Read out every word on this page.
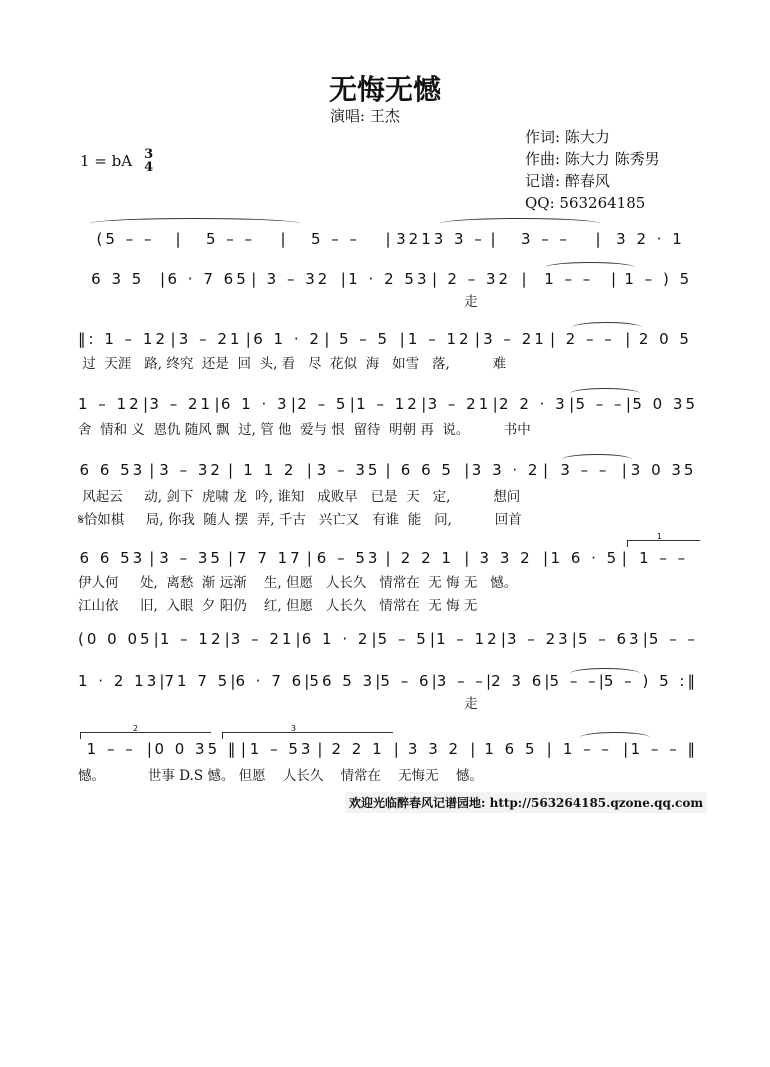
无悔无憾
演唱: 王杰
1 = bA 3
4
作词: 陈大力
作曲: 陈大力 陈秀男
记谱: 醉春风
QQ: 563264185
(5 – –	|	5 – –	|	5 – –	| 3213 3 – |	3 – –	|	3 2 · 1
6 3 5	| 6 · 7 65 | 3 – 32 | 1 · 2 53 | 2 – 32 |	1 – –	| 1 – ) 5
走
‖: 1 – 12 | 3 – 21 | 6 1 · 2 | 5 – 5 | 1 – 12 | 3 – 21 | 2 – – | 2 0 5
过  天涯   路, 终究  还是  回  头, 看   尽  花似  海   如雪   落,          难
1 – 12 | 3 – 21 | 6 1 · 3 | 2 – 5 | 1 – 12 | 3 – 21 | 2 2 · 3 | 5 – – | 5 0 35
舍  情和 义  恩仇 随风 飘  过, 管 他  爱与 恨  留待  明朝 再  说。        书中
6 6 53 | 3 – 32 | 1 1 2 | 3 – 35 | 6 6 5 | 3 3 · 2 | 3 – – | 3 0 35
风起云     动, 剑下  虎啸 龙  吟, 谁知   成败早   已是  天   定,          想问
𝄋恰如棋     局, 你我  随人 摆  弄, 千古   兴亡又   有谁  能   问,          回首
6 6 53 | 3 – 35 | 7 7 17 | 6 – 53 | 2 2 1 | 3 3 2 | 1 6 · 5 | 1 – –
伊人何     处,  离愁  渐 远渐    生, 但愿   人长久   情常在  无 悔 无   憾。
江山依     旧,  入眼  夕 阳仍    红, 但愿   人长久   情常在  无 悔 无
(0 0 05 | 1 – 12 | 3 – 21 | 6 1 · 2 | 5 – 5 | 1 – 12 | 3 – 23 | 5 – 63 | 5 – –
1 · 2 13 | 71 7 5 | 6 · 7 6 | 56 5 3 | 5 – 6 | 3 – – | 2 3 6 | 5 – – | 5 – ) 5 :‖
走
1 – – | 0 0 35 ‖ | 1 – 53 | 2 2 1 | 3 3 2 | 1 6 5 | 1 – – | 1 – – ‖
憾。          世事 D.S 憾。 但愿    人长久    情常在    无悔无    憾。
1
2	3
欢迎光临醉春风记谱园地: http://563264185.qzone.qq.com
